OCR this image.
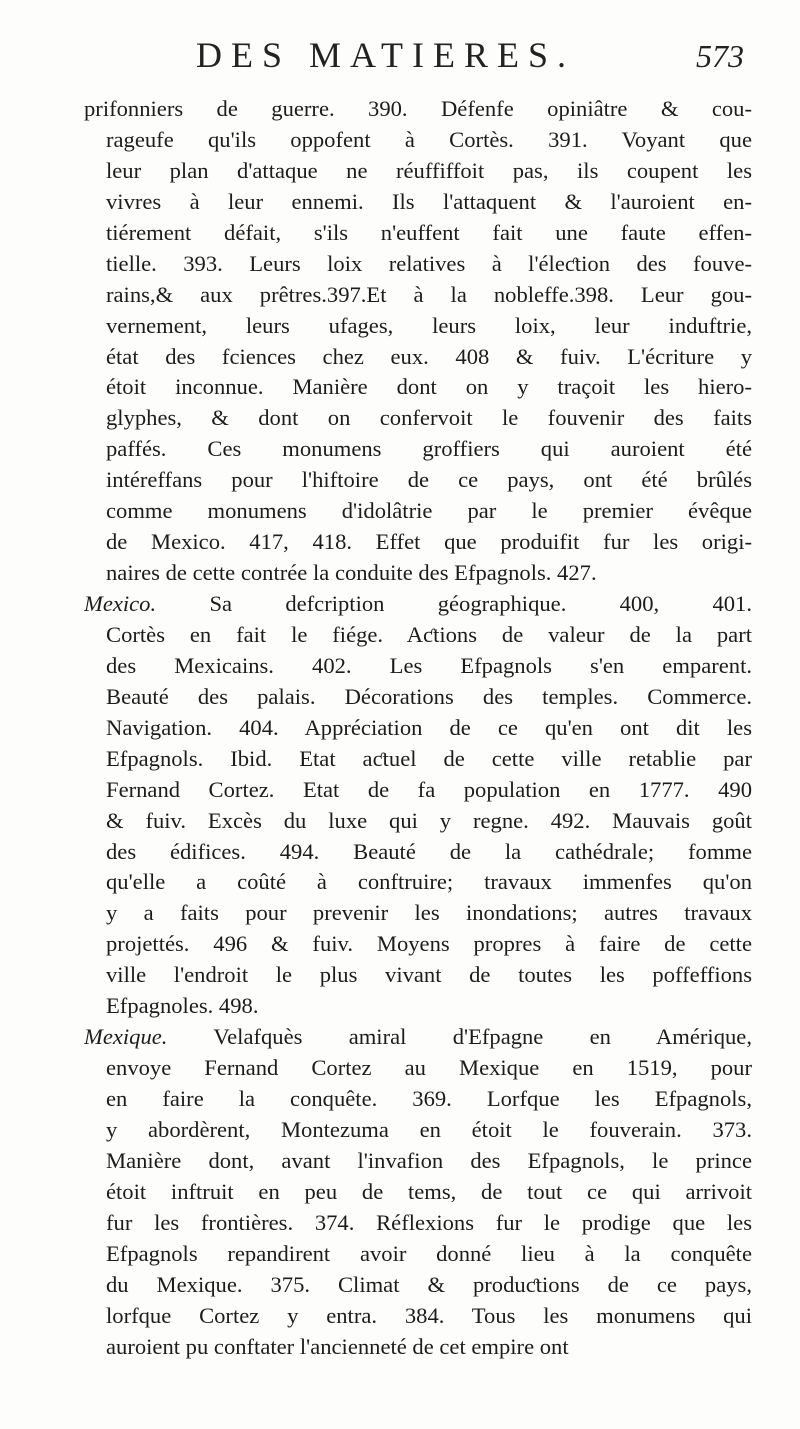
DES MATIERES.	573
prifonniers de guerre. 390. Défenfe opiniâtre & cou-
rageufe qu'ils oppofent à Cortès. 391. Voyant que
leur plan d'attaque ne réuffiffoit pas, ils coupent les
vivres à leur ennemi. Ils l'attaquent & l'auroient en-
tiérement défait, s'ils n'euffent fait une faute effen-
tielle. 393. Leurs loix relatives à l'éleƈtion des fouve-
rains,& aux prêtres.397.Et à la nobleffe.398. Leur gou-
vernement, leurs ufages, leurs loix, leur induftrie,
état des fciences chez eux. 408 & fuiv. L'écriture y
étoit inconnue. Manière dont on y traçoit les hiero-
glyphes, & dont on confervoit le fouvenir des faits
paffés. Ces monumens groffiers qui auroient été
intéreffans pour l'hiftoire de ce pays, ont été brûlés
comme monumens d'idolâtrie par le premier évêque
de Mexico. 417, 418. Effet que produifit fur les origi-
naires de cette contrée la conduite des Efpagnols. 427.
Mexico. Sa defcription géographique. 400, 401.
Cortès en fait le fiége. Aƈtions de valeur de la part
des Mexicains. 402. Les Efpagnols s'en emparent.
Beauté des palais. Décorations des temples. Commerce.
Navigation. 404. Appréciation de ce qu'en ont dit les
Efpagnols. Ibid. Etat aƈtuel de cette ville retablie par
Fernand Cortez. Etat de fa population en 1777. 490
& fuiv. Excès du luxe qui y regne. 492. Mauvais goût
des édifices. 494. Beauté de la cathédrale; fomme
qu'elle a coûté à conftruire; travaux immenfes qu'on
y a faits pour prevenir les inondations; autres travaux
projettés. 496 & fuiv. Moyens propres à faire de cette
ville l'endroit le plus vivant de toutes les poffeffions
Efpagnoles. 498.
Mexique. Velafquès amiral d'Efpagne en Amérique,
envoye Fernand Cortez au Mexique en 1519, pour
en faire la conquête. 369. Lorfque les Efpagnols,
y abordèrent, Montezuma en étoit le fouverain. 373.
Manière dont, avant l'invafion des Efpagnols, le prince
étoit inftruit en peu de tems, de tout ce qui arrivoit
fur les frontières. 374. Réflexions fur le prodige que les
Efpagnols repandirent avoir donné lieu à la conquête
du Mexique. 375. Climat & produƈtions de ce pays,
lorfque Cortez y entra. 384. Tous les monumens qui
auroient pu conftater l'ancienneté de cet empire ont
